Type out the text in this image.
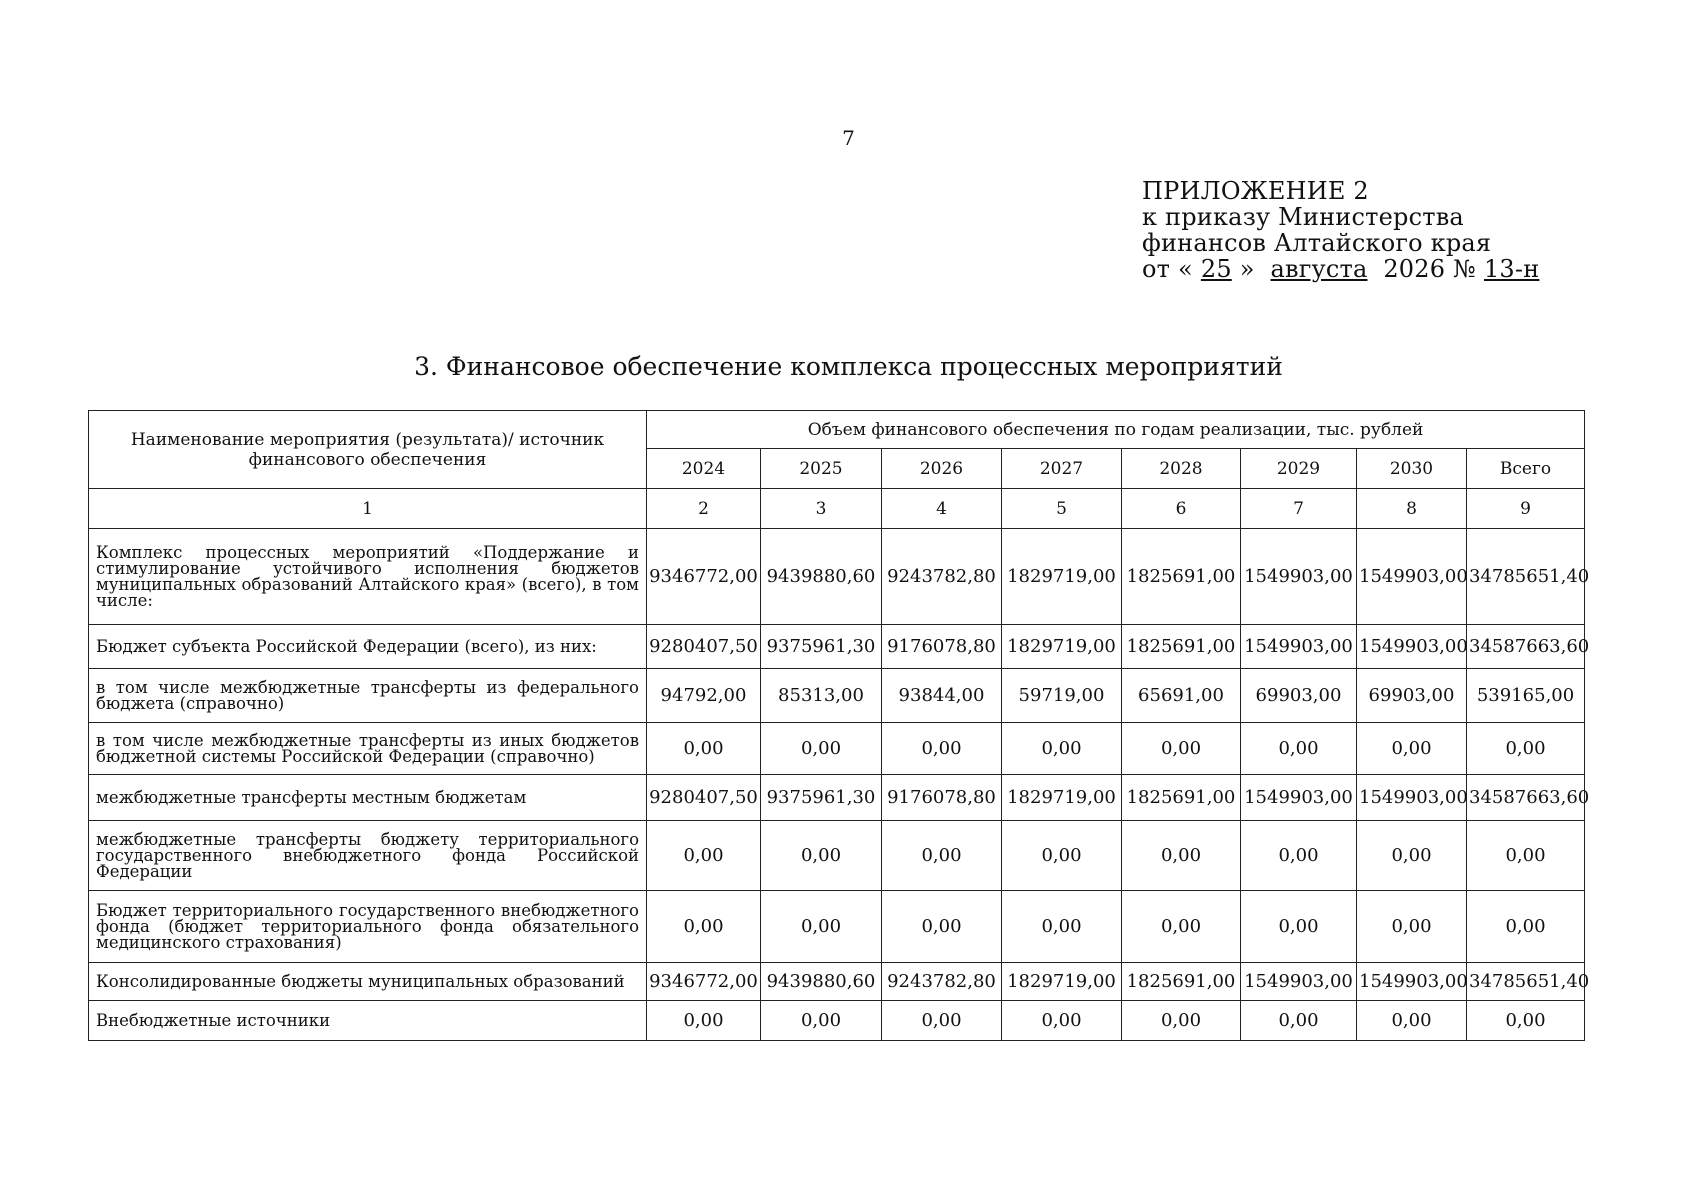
7
ПРИЛОЖЕНИЕ 2
к приказу Министерства
финансов Алтайского края
от « 25 » августа 2026 № 13-н
3. Финансовое обеспечение комплекса процессных мероприятий
Наименование мероприятия (результата)/ источник финансового обеспечения	Объем финансового обеспечения по годам реализации, тыс. рублей							
	2024	2025	2026	2027	2028	2029	2030	Всего
1	2	3	4	5	6	7	8	9
Комплекс процессных мероприятий «Поддержание и стимулирование устойчивого исполнения бюджетов муниципальных образований Алтайского края» (всего), в том числе:	9346772,00	9439880,60	9243782,80	1829719,00	1825691,00	1549903,00	1549903,00	34785651,40
Бюджет субъекта Российской Федерации (всего), из них:	9280407,50	9375961,30	9176078,80	1829719,00	1825691,00	1549903,00	1549903,00	34587663,60
в том числе межбюджетные трансферты из федерального бюджета (справочно)	94792,00	85313,00	93844,00	59719,00	65691,00	69903,00	69903,00	539165,00
в том числе межбюджетные трансферты из иных бюджетов бюджетной системы Российской Федерации (справочно)	0,00	0,00	0,00	0,00	0,00	0,00	0,00	0,00
межбюджетные трансферты местным бюджетам	9280407,50	9375961,30	9176078,80	1829719,00	1825691,00	1549903,00	1549903,00	34587663,60
межбюджетные трансферты бюджету территориального государственного внебюджетного фонда Российской Федерации	0,00	0,00	0,00	0,00	0,00	0,00	0,00	0,00
Бюджет территориального государственного внебюджетного фонда (бюджет территориального фонда обязательного медицинского страхования)	0,00	0,00	0,00	0,00	0,00	0,00	0,00	0,00
Консолидированные бюджеты муниципальных образований	9346772,00	9439880,60	9243782,80	1829719,00	1825691,00	1549903,00	1549903,00	34785651,40
Внебюджетные источники	0,00	0,00	0,00	0,00	0,00	0,00	0,00	0,00
